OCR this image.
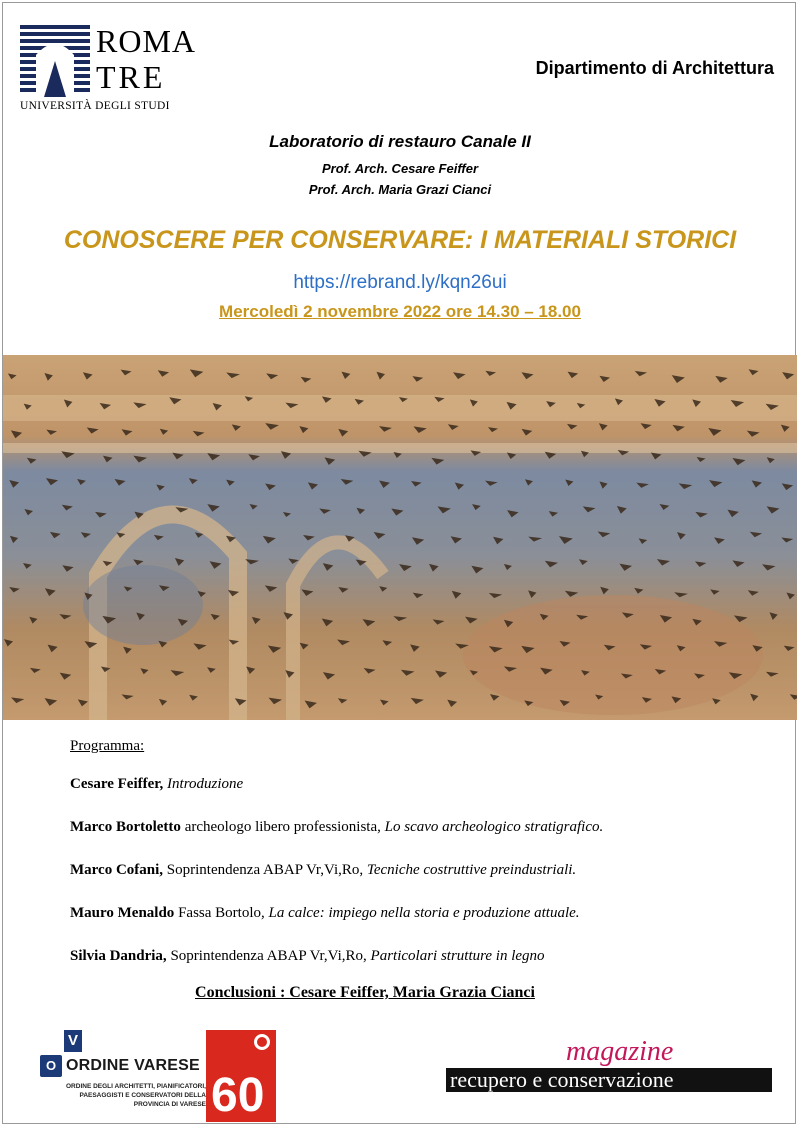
ROMA
TRE
UNIVERSITÀ DEGLI STUDI
Dipartimento di Architettura
Laboratorio di restauro Canale II
Prof. Arch. Cesare Feiffer
Prof. Arch. Maria Grazi Cianci
CONOSCERE PER CONSERVARE: I MATERIALI STORICI
https://rebrand.ly/kqn26ui
Mercoledì 2 novembre 2022 ore 14.30 – 18.00
Programma:
Cesare Feiffer, Introduzione
Marco Bortoletto archeologo libero professionista, Lo scavo archeologico stratigrafico.
Marco Cofani, Soprintendenza ABAP Vr,Vi,Ro, Tecniche costruttive preindustriali.
Mauro Menaldo Fassa Bortolo, La calce: impiego nella storia e produzione attuale.
Silvia Dandria, Soprintendenza ABAP Vr,Vi,Ro, Particolari strutture in legno
Conclusioni : Cesare Feiffer, Maria Grazia Cianci
V
O ORDINE VARESE
ORDINE DEGLI ARCHITETTI, PIANIFICATORI, PAESAGGISTI E CONSERVATORI DELLA PROVINCIA DI VARESE 60
magazine
recupero e conservazione
